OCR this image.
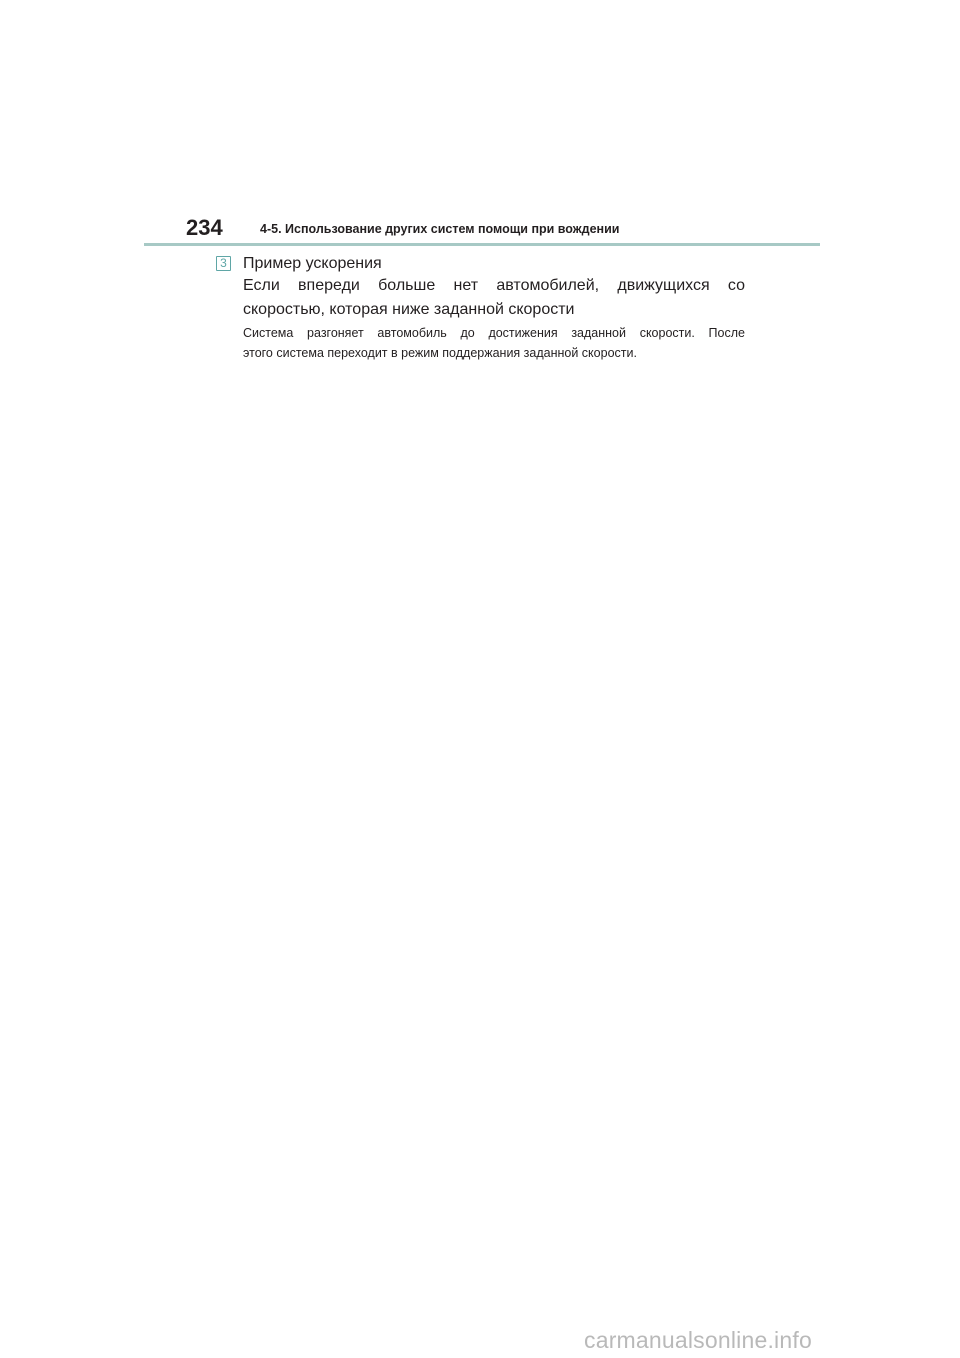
234	4-5. Использование других систем помощи при вождении
3 Пример ускорения
Если впереди больше нет автомобилей, движущихся со
скоростью, которая ниже заданной скорости
Система разгоняет автомобиль до достижения заданной скорости. После
этого система переходит в режим поддержания заданной скорости.
carmanualsonline.info
